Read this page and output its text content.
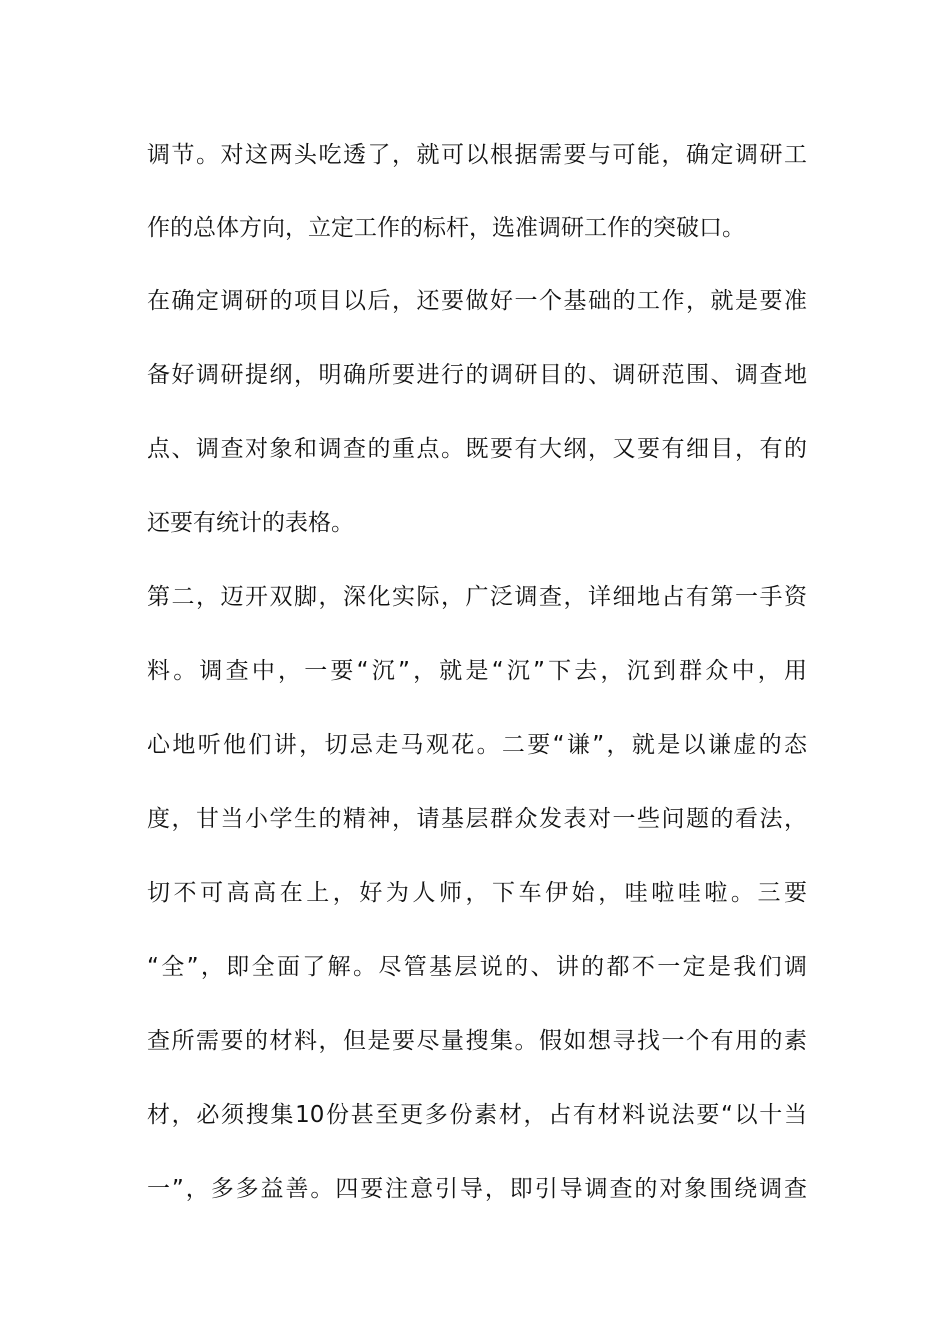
调节。对这两头吃透了，就可以根据需要与可能，确定调研工
作的总体方向，立定工作的标杆，选准调研工作的突破口。
在确定调研的项目以后，还要做好一个基础的工作，就是要准
备好调研提纲，明确所要进行的调研目的、调研范围、调查地
点、调查对象和调查的重点。既要有大纲，又要有细目，有的
还要有统计的表格。
第二，迈开双脚，深化实际，广泛调查，详细地占有第一手资
料。调查中，一要“沉”，就是“沉”下去，沉到群众中，用
心地听他们讲，切忌走马观花。二要“谦”，就是以谦虚的态
度，甘当小学生的精神，请基层群众发表对一些问题的看法，
切不可高高在上，好为人师，下车伊始，哇啦哇啦。三要
“全”，即全面了解。尽管基层说的、讲的都不一定是我们调
查所需要的材料，但是要尽量搜集。假如想寻找一个有用的素
材，必须搜集10份甚至更多份素材，占有材料说法要“以十当
一”，多多益善。四要注意引导，即引导调查的对象围绕调查
